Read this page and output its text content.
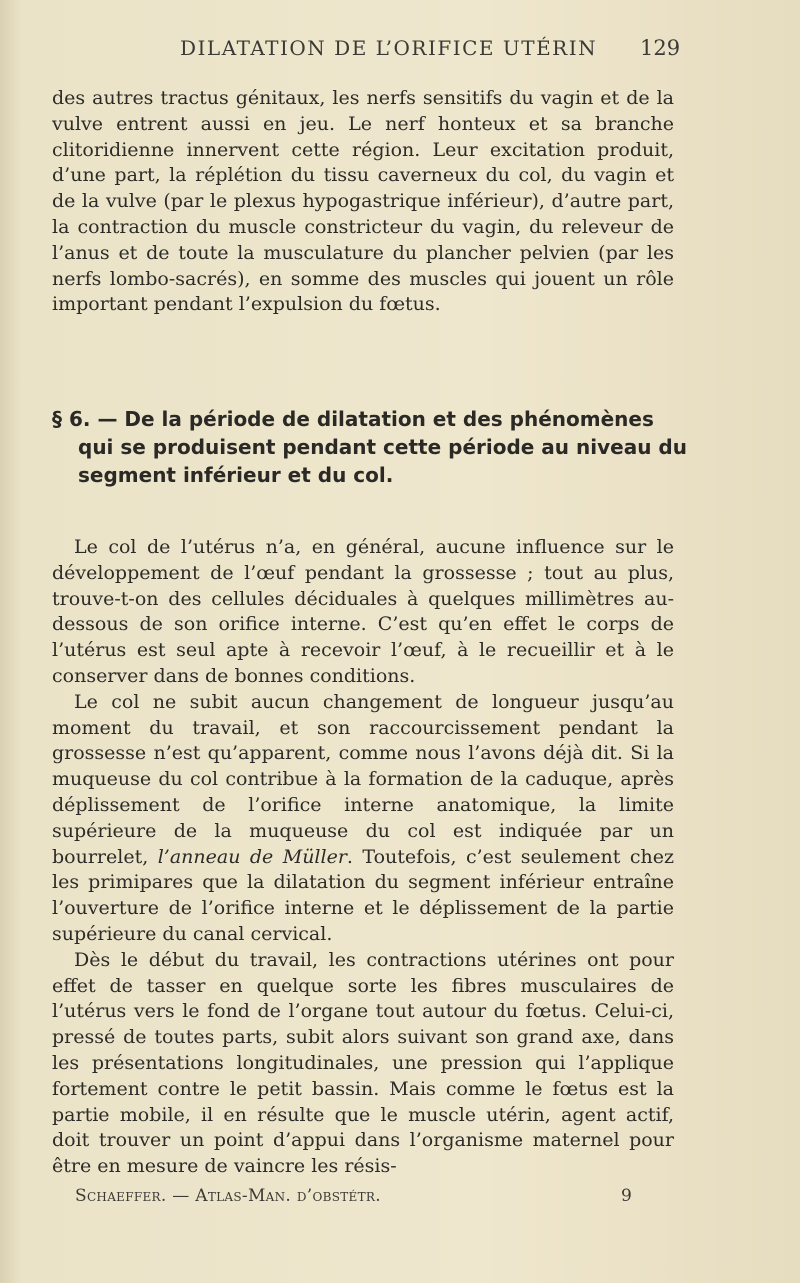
DILATATION DE L’ORIFICE UTÉRIN 129

des autres tractus génitaux, les nerfs sensitifs du vagin et de la vulve entrent aussi en jeu. Le nerf honteux et sa branche clitoridienne innervent cette région. Leur excitation produit, d’une part, la réplétion du tissu caverneux du col, du vagin et de la vulve (par le plexus hypogastrique inférieur), d’autre part, la contraction du muscle constricteur du vagin, du releveur de l’anus et de toute la musculature du plancher pelvien (par les nerfs lombo-sacrés), en somme des muscles qui jouent un rôle important pendant l’expulsion du fœtus.

§ 6. — De la période de dilatation et des phénomènes
qui se produisent pendant cette période au niveau du
segment inférieur et du col.

Le col de l’utérus n’a, en général, aucune influence sur le développement de l’œuf pendant la grossesse ; tout au plus, trouve-t-on des cellules déciduales à quelques millimètres au-dessous de son orifice interne. C’est qu’en effet le corps de l’utérus est seul apte à recevoir l’œuf, à le recueillir et à le conserver dans de bonnes conditions.

Le col ne subit aucun changement de longueur jusqu’au moment du travail, et son raccourcissement pendant la grossesse n’est qu’apparent, comme nous l’avons déjà dit. Si la muqueuse du col contribue à la formation de la caduque, après déplissement de l’orifice interne anatomique, la limite supérieure de la muqueuse du col est indiquée par un bourrelet, l’anneau de Müller. Toutefois, c’est seulement chez les primipares que la dilatation du segment inférieur entraîne l’ouverture de l’orifice interne et le déplissement de la partie supérieure du canal cervical.

Dès le début du travail, les contractions utérines ont pour effet de tasser en quelque sorte les fibres musculaires de l’utérus vers le fond de l’organe tout autour du fœtus. Celui-ci, pressé de toutes parts, subit alors suivant son grand axe, dans les présentations longitudinales, une pression qui l’applique fortement contre le petit bassin. Mais comme le fœtus est la partie mobile, il en résulte que le muscle utérin, agent actif, doit trouver un point d’appui dans l’organisme maternel pour être en mesure de vaincre les résis-

Schaeffer. — Atlas-Man. d’obstétr.	9
